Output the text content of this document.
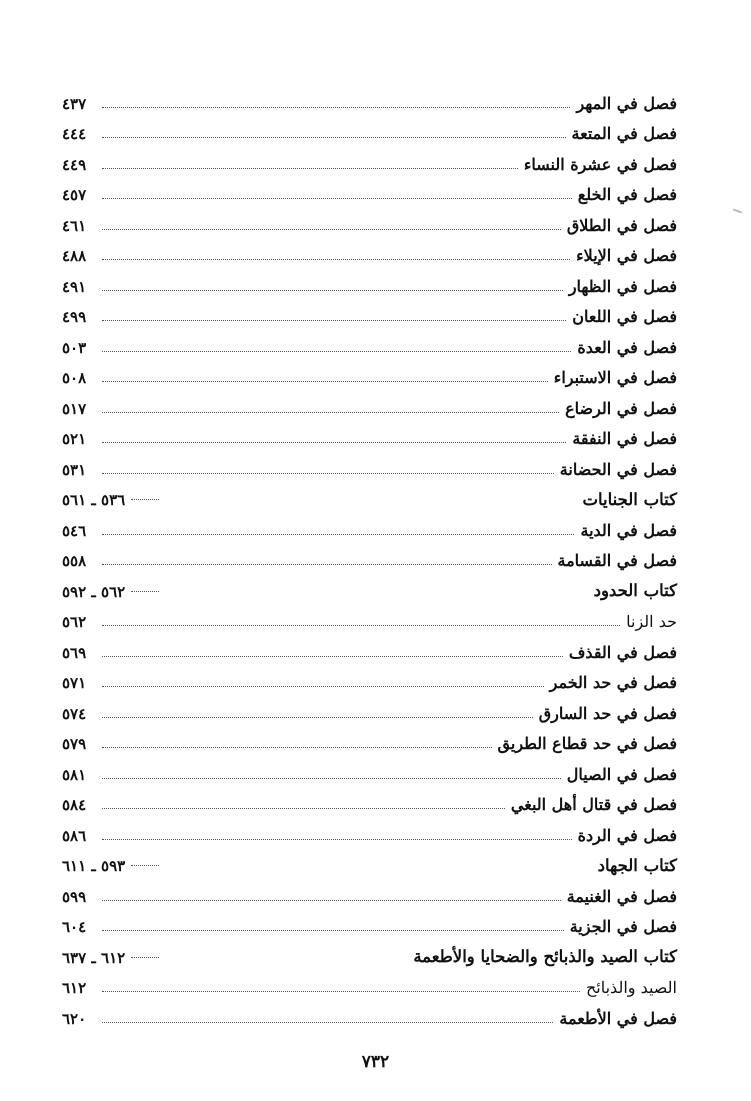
فصل في المهر
٤٣٧
فصل في المتعة
٤٤٤
فصل في عشرة النساء
٤٤٩
فصل في الخلع
٤٥٧
فصل في الطلاق
٤٦١
فصل في الإيلاء
٤٨٨
فصل في الظهار
٤٩١
فصل في اللعان
٤٩٩
فصل في العدة
٥٠٣
فصل في الاستبراء
٥٠٨
فصل في الرضاع
٥١٧
فصل في النفقة
٥٢١
فصل في الحضانة
٥٣١
كتاب الجنايات
٥٣٦ ـ ٥٦١
فصل في الدية
٥٤٦
فصل في القسامة
٥٥٨
كتاب الحدود
٥٦٢ ـ ٥٩٢
حد الزنا
٥٦٢
فصل في القذف
٥٦٩
فصل في حد الخمر
٥٧١
فصل في حد السارق
٥٧٤
فصل في حد قطاع الطريق
٥٧٩
فصل في الصيال
٥٨١
فصل في قتال أهل البغي
٥٨٤
فصل في الردة
٥٨٦
كتاب الجهاد
٥٩٣ ـ ٦١١
فصل في الغنيمة
٥٩٩
فصل في الجزية
٦٠٤
كتاب الصيد والذبائح والضحايا والأطعمة
٦١٢ ـ ٦٣٧
الصيد والذبائح
٦١٢
فصل في الأطعمة
٦٢٠
٧٣٢
